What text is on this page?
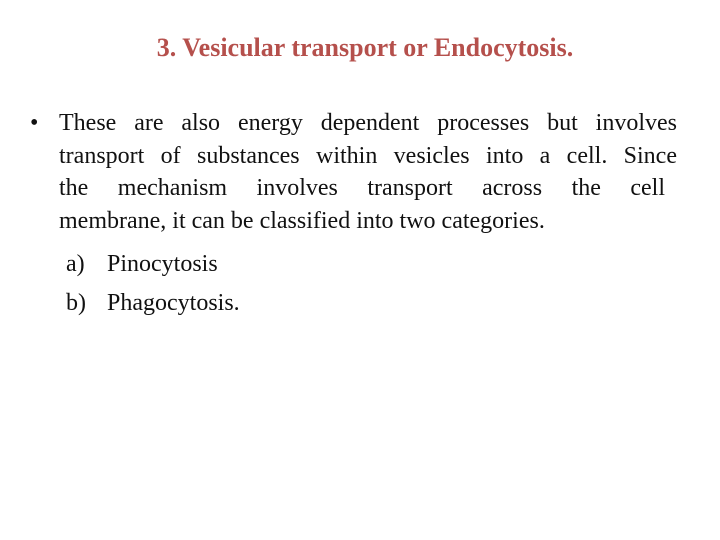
3. Vesicular transport or Endocytosis.
• These are also energy dependent processes but involves
transport of substances within vesicles into a cell. Since
the mechanism involves transport across the cell
membrane, it can be classified into two categories.
a) Pinocytosis
b) Phagocytosis.
